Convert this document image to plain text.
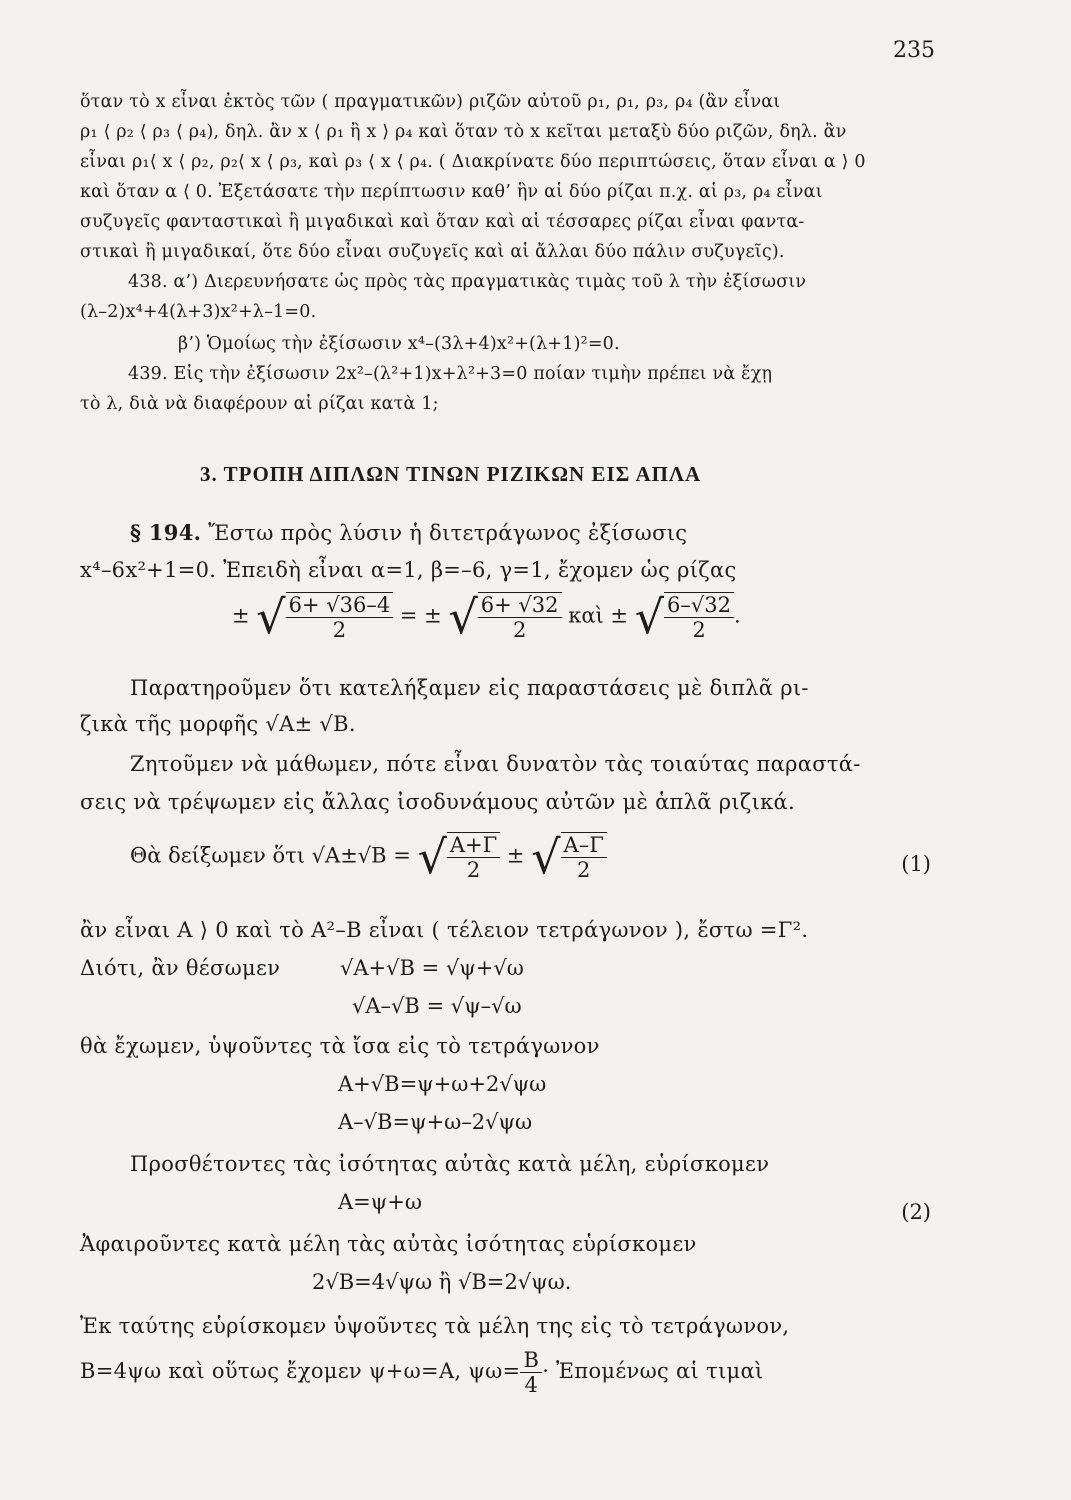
235
ὅταν τὸ x εἶναι ἐκτὸς τῶν ( πραγματικῶν) ριζῶν αὐτοῦ ρ₁, ρ₁, ρ₃, ρ₄ (ἂν εἶναι
ρ₁ ⟨ ρ₂ ⟨ ρ₃ ⟨ ρ₄), δηλ. ἂν x ⟨ ρ₁ ἢ x ⟩ ρ₄ καὶ ὅταν τὸ x κεῖται μεταξὺ δύο ριζῶν, δηλ. ἂν
εἶναι ρ₁⟨ x ⟨ ρ₂, ρ₂⟨ x ⟨ ρ₃, καὶ ρ₃ ⟨ x ⟨ ρ₄. ( Διακρίνατε δύο περιπτώσεις, ὅταν εἶναι α ⟩ 0
καὶ ὅταν α ⟨ 0. Ἐξετάσατε τὴν περίπτωσιν καθ’ ἣν αἱ δύο ρίζαι π.χ. αἱ ρ₃, ρ₄ εἶναι
συζυγεῖς φανταστικαὶ ἢ μιγαδικαὶ καὶ ὅταν καὶ αἱ τέσσαρες ρίζαι εἶναι φαντα-
στικαὶ ἢ μιγαδικαί, ὅτε δύο εἶναι συζυγεῖς καὶ αἱ ἄλλαι δύο πάλιν συζυγεῖς).
438. α’) Διερευνήσατε ὡς πρὸς τὰς πραγματικὰς τιμὰς τοῦ λ τὴν ἐξίσωσιν
(λ–2)x⁴+4(λ+3)x²+λ–1=0.
β’) Ὁμοίως τὴν ἐξίσωσιν x⁴–(3λ+4)x²+(λ+1)²=0.
439. Εἰς τὴν ἐξίσωσιν 2x²–(λ²+1)x+λ²+3=0 ποίαν τιμὴν πρέπει νὰ ἔχῃ
τὸ λ, διὰ νὰ διαφέρουν αἱ ρίζαι κατὰ 1;
3. ΤΡΟΠΗ ΔΙΠΛΩΝ ΤΙΝΩΝ ΡΙΖΙΚΩΝ ΕΙΣ ΑΠΛΑ
§ 194. Ἔστω πρὸς λύσιν ἡ διτετράγωνος ἐξίσωσις
x⁴–6x²+1=0. Ἐπειδὴ εἶναι α=1, β=–6, γ=1, ἔχομεν ὡς ρίζας
± √ $\frac{6+ √36-4}{2}$ = ± √ $\frac{6+ √32}{2}$ καὶ ± √ $\frac{6-√32}{2}$ .
Παρατηροῦμεν ὅτι κατελήξαμεν εἰς παραστάσεις μὲ διπλᾶ ρι-
ζικὰ τῆς μορφῆς √A± √B.
Ζητοῦμεν νὰ μάθωμεν, πότε εἶναι δυνατὸν τὰς τοιαύτας παραστά-
σεις νὰ τρέψωμεν εἰς ἄλλας ἰσοδυνάμους αὐτῶν μὲ ἁπλᾶ ριζικά.
Θὰ δείξωμεν ὅτι √A±√B = √ $\frac{A+\Gamma}{2}$ ± √ $\frac{A-\Gamma}{2}$	(1)
ἂν εἶναι A ⟩ 0 καὶ τὸ A²–B εἶναι ( τέλειον τετράγωνον ), ἔστω =Γ².
Διότι, ἂν θέσωμεν	√A+√B = √ψ+√ω
√A–√B = √ψ–√ω
θὰ ἔχωμεν, ὑψοῦντες τὰ ἴσα εἰς τὸ τετράγωνον
A+√B=ψ+ω+2√ψω
A–√B=ψ+ω–2√ψω
Προσθέτοντες τὰς ἰσότητας αὐτὰς κατὰ μέλη, εὑρίσκομεν
A=ψ+ω	(2)
Ἀφαιροῦντες κατὰ μέλη τὰς αὐτὰς ἰσότητας εὑρίσκομεν
2√B=4√ψω ἢ √B=2√ψω.
Ἐκ ταύτης εὑρίσκομεν ὑψοῦντες τὰ μέλη της εἰς τὸ τετράγωνον,
B=4ψω καὶ οὕτως ἔχομεν ψ+ω=A, $\psi\omega= \frac{B}{4}$ · Ἐπομένως αἱ τιμαὶ
